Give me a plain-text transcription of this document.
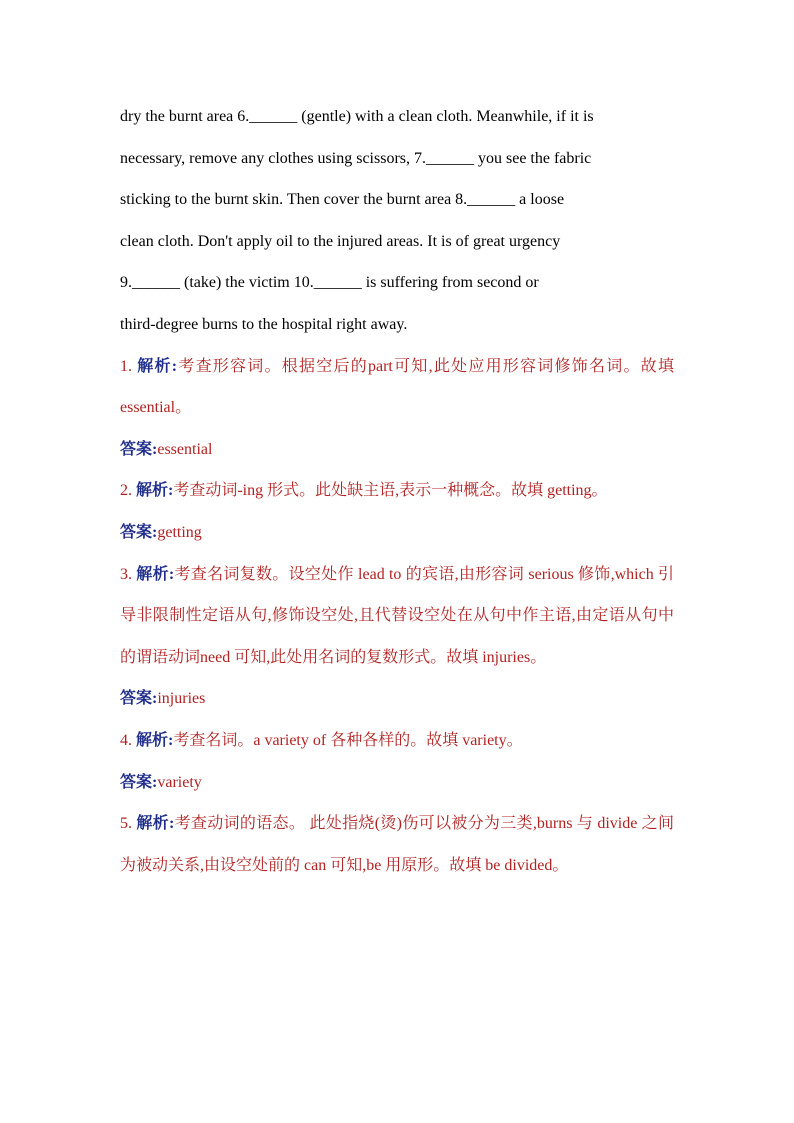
dry the burnt area 6.______ (gentle) with a clean cloth. Meanwhile, if it is

necessary, remove any clothes using scissors, 7.______ you see the fabric

sticking to the burnt skin. Then cover the burnt area 8.______ a loose

clean cloth. Don't apply oil to the injured areas. It is of great urgency

9.______ (take) the victim 10.______ is suffering from second or

third-degree burns to the hospital right away.

1. 解析:考查形容词。根据空后的part可知,此处应用形容词修饰名词。故填 essential。

答案:essential

2. 解析:考查动词-ing 形式。此处缺主语,表示一种概念。故填 getting。

答案:getting

3. 解析:考查名词复数。设空处作 lead to 的宾语,由形容词 serious 修饰,which 引导非限制性定语从句,修饰设空处,且代替设空处在从句中作主语,由定语从句中的谓语动词need 可知,此处用名词的复数形式。故填 injuries。

答案:injuries

4. 解析:考查名词。a variety of 各种各样的。故填 variety。

答案:variety

5. 解析:考查动词的语态。 此处指烧(烫)伤可以被分为三类,burns 与 divide 之间为被动关系,由设空处前的 can 可知,be 用原形。故填 be divided。
